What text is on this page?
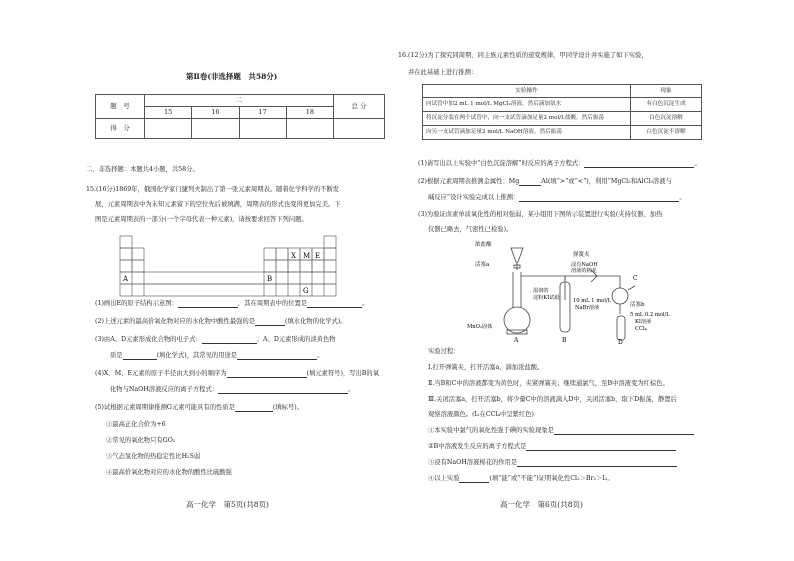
第Ⅱ卷(非选择题　共58分)
题　号	二				总 分
	15	16	17	18	
得　分					
二、非选择题：本题共4小题，共58分。
15.(16分)1869年，俄国化学家门捷列夫制出了第一张元素周期表。随着化学科学的不断发
展，元素周期表中为未知元素留下的空位先后被填满，周期表的形式也变得更加完美。下
图是元素周期表的一部分(一个字母代表一种元素)，请按要求回答下列问题。
A	B
X M E
G
(1)画出E的原子结构示意图：	，其在周期表中的位置是	。
(2)上述元素的最高价氧化物对应的水化物中酸性最强的是	(填水化物的化学式)。
(3)由A、D元素形成化合物的电子式：	；A、D元素形成的淡黄色物
质是	(填化学式)，其常见的用途是	。
(4)X、M、E元素的原子半径由大到小的顺序为	(填元素符号)，写出B的氧
化物与NaOH溶液反应的离子方程式：	。
(5)试根据元素周期律推测G元素可能具有的性质是	(填标号)。
①最高正化合价为+6
②常见的氧化物只有GO₂
③气态氢化物的热稳定性比H₂S弱
④最高价氧化物对应的水化物的酸性比硫酸强
高一化学　第5页(共8页)
16.(12分)为了探究同周期、同主族元素性质的递变规律，甲同学设计并实施了如下实验，
并在此基础上进行推测：
实验操作	现象
向试管中加2 mL 1 mol/L MgCl₂溶液，然后滴加氨水	有白色沉淀生成
将沉淀分装在两个试管中，向一支试管滴加足量2 mol/L盐酸，然后振荡	白色沉淀溶解
向另一支试管滴加足量2 mol/L NaOH溶液，然后振荡	白色沉淀不溶解
(1)请写出以上实验中“白色沉淀溶解”时反应的离子方程式：	。
(2)根据元素周期表推测金属性：Mg	Al(填“>”或“<”)，利用“MgCl₂和AlCl₃溶液与
碱反应”设计实验完成以上推测：	。
(3)为验证卤素单质氧化性的相对强弱，某小组用下图所示装置进行实验(夹持仪器、加热
仪器已略去，气密性已检验)。
浓盐酸
活塞a
弹簧夹
湿润的
淀粉KI试纸
浸有NaOH
溶液的棉花
C
活塞b
10 mL 1 mol/L
NaBr溶液
5 mL 0.2 mol/L
KI溶液
CCl₄
MnO₂固体
A	B	D
实验过程：
Ⅰ.打开弹簧夹，打开活塞a，滴加浓盐酸。
Ⅱ.当B和C中的溶液都变为黄色时，夹紧弹簧夹；继续通氯气，至B中溶液变为红棕色。
Ⅲ.关闭活塞a，打开活塞b，将少量C中的溶液滴入D中，关闭活塞b，取下D振荡，静置后
观察溶液颜色。(I₂在CCl₄中呈紫红色)
①本实验中氯气的氧化性强于碘的实验现象是
②B中溶液发生反应的离子方程式是
③浸有NaOH溶液棉花的作用是
④以上实验	(填“能”或“不能”)证明氧化性Cl₂＞Br₂＞I₂。
高一化学　第6页(共8页)
